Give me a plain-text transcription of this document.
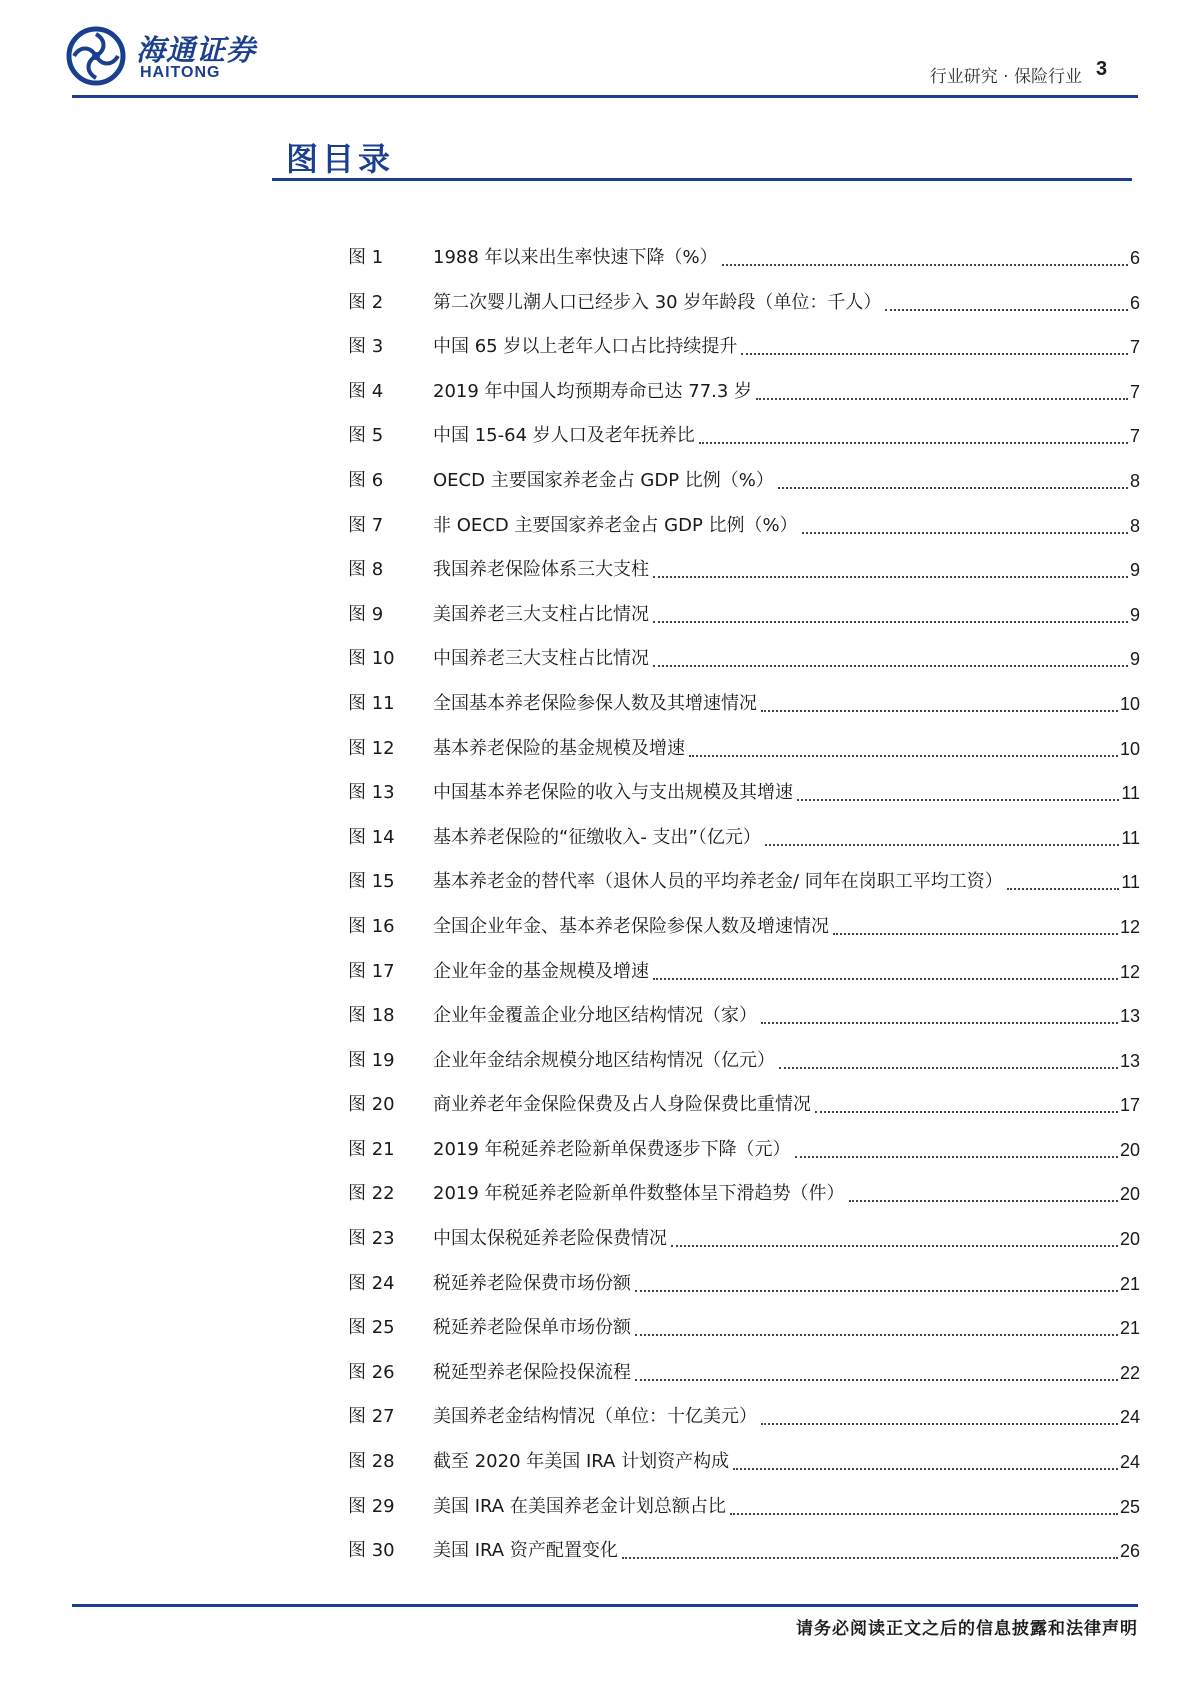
海通证券
HAITONG	行业研究 · 保险行业 3
图目录
图 1	1988 年以来出生率快速下降（%）	6
图 2	第二次婴儿潮人口已经步入 30 岁年龄段（单位：千人）	6
图 3	中国 65 岁以上老年人口占比持续提升	7
图 4	2019 年中国人均预期寿命已达 77.3 岁	7
图 5	中国 15-64 岁人口及老年抚养比	7
图 6	OECD 主要国家养老金占 GDP 比例（%）	8
图 7	非 OECD 主要国家养老金占 GDP 比例（%）	8
图 8	我国养老保险体系三大支柱	9
图 9	美国养老三大支柱占比情况	9
图 10	中国养老三大支柱占比情况	9
图 11	全国基本养老保险参保人数及其增速情况	10
图 12	基本养老保险的基金规模及增速	10
图 13	中国基本养老保险的收入与支出规模及其增速	11
图 14	基本养老保险的“征缴收入- 支出”（亿元）	11
图 15	基本养老金的替代率（退休人员的平均养老金/ 同年在岗职工平均工资）	11
图 16	全国企业年金、基本养老保险参保人数及增速情况	12
图 17	企业年金的基金规模及增速	12
图 18	企业年金覆盖企业分地区结构情况（家）	13
图 19	企业年金结余规模分地区结构情况（亿元）	13
图 20	商业养老年金保险保费及占人身险保费比重情况	17
图 21	2019 年税延养老险新单保费逐步下降（元）	20
图 22	2019 年税延养老险新单件数整体呈下滑趋势（件）	20
图 23	中国太保税延养老险保费情况	20
图 24	税延养老险保费市场份额	21
图 25	税延养老险保单市场份额	21
图 26	税延型养老保险投保流程	22
图 27	美国养老金结构情况（单位：十亿美元）	24
图 28	截至 2020 年美国 IRA 计划资产构成	24
图 29	美国 IRA 在美国养老金计划总额占比	25
图 30	美国 IRA 资产配置变化	26
请务必阅读正文之后的信息披露和法律声明
